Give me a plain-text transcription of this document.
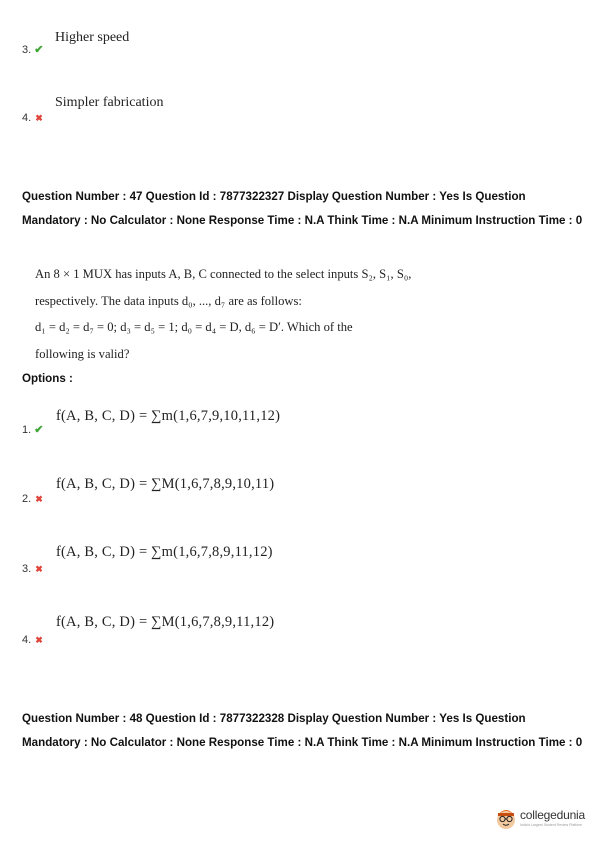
3. ✔
Higher speed
4. ✖
Simpler fabrication
Question Number : 47 Question Id : 7877322327 Display Question Number : Yes Is Question Mandatory : No Calculator : None Response Time : N.A Think Time : N.A Minimum Instruction Time : 0
An 8 × 1 MUX has inputs A, B, C connected to the select inputs S₂, S₁, S₀,
respectively. The data inputs d₀, ..., d₇ are as follows:
d₁ = d₂ = d₇ = 0; d₃ = d₅ = 1; d₀ = d₄ = D, d₆ = D′. Which of the
following is valid?
Options :
1. ✔
f(A, B, C, D) = ∑m(1,6,7,9,10,11,12)
2. ✖
f(A, B, C, D) = ∑M(1,6,7,8,9,10,11)
3. ✖
f(A, B, C, D) = ∑m(1,6,7,8,9,11,12)
4. ✖
f(A, B, C, D) = ∑M(1,6,7,8,9,11,12)
Question Number : 48 Question Id : 7877322328 Display Question Number : Yes Is Question Mandatory : No Calculator : None Response Time : N.A Think Time : N.A Minimum Instruction Time : 0
collegedunia
India's Largest Student Review Platform
